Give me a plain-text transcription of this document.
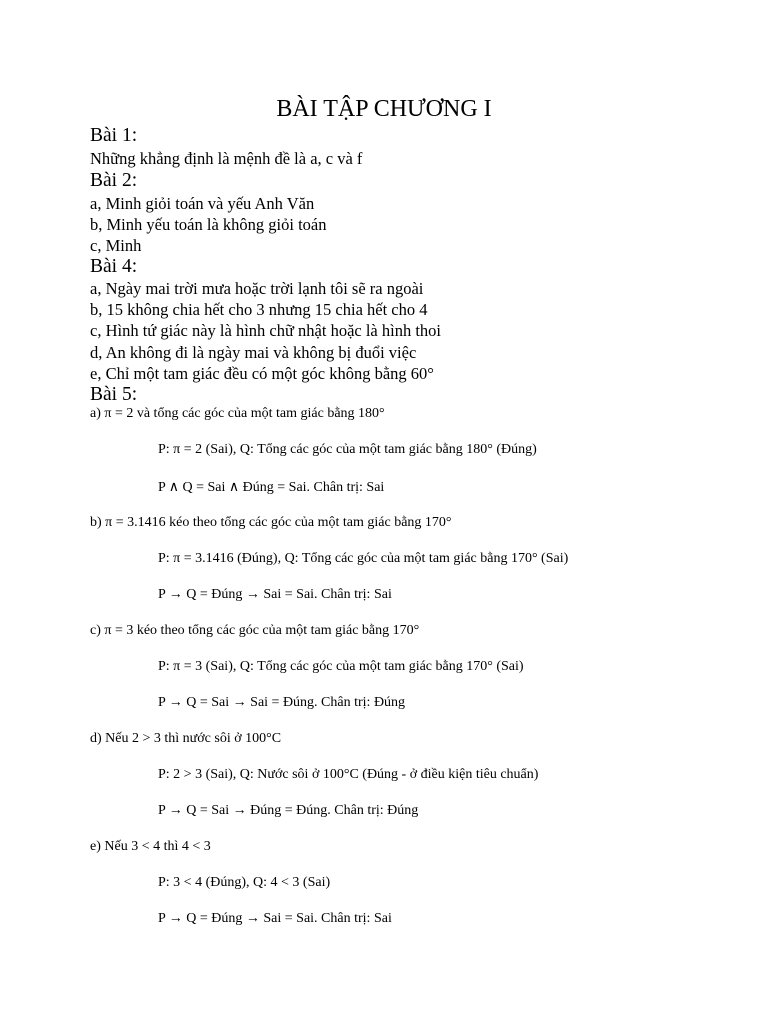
BÀI TẬP CHƯƠNG I
Bài 1:
Những khẳng định là mệnh đề là a, c và f
Bài 2:
a, Minh giỏi toán và yếu Anh Văn
b, Minh yếu toán là không giỏi toán
c, Minh
Bài 4:
a, Ngày mai trời mưa hoặc trời lạnh tôi sẽ ra ngoài
b, 15 không chia hết cho 3 nhưng 15 chia hết cho 4
c, Hình tứ giác này là hình chữ nhật hoặc là hình thoi
d, An không đi là ngày mai và không bị đuổi việc
e, Chỉ một tam giác đều có một góc không bằng 60°
Bài 5:
a) π = 2 và tổng các góc của một tam giác bằng 180°
P: π = 2 (Sai), Q: Tổng các góc của một tam giác bằng 180° (Đúng)
P ∧ Q = Sai ∧ Đúng = Sai. Chân trị: Sai
b) π = 3.1416 kéo theo tổng các góc của một tam giác bằng 170°
P: π = 3.1416 (Đúng), Q: Tổng các góc của một tam giác bằng 170° (Sai)
P → Q = Đúng → Sai = Sai. Chân trị: Sai
c) π = 3 kéo theo tổng các góc của một tam giác bằng 170°
P: π = 3 (Sai), Q: Tổng các góc của một tam giác bằng 170° (Sai)
P → Q = Sai → Sai = Đúng. Chân trị: Đúng
d) Nếu 2 > 3 thì nước sôi ở 100°C
P: 2 > 3 (Sai), Q: Nước sôi ở 100°C (Đúng - ở điều kiện tiêu chuẩn)
P → Q = Sai → Đúng = Đúng. Chân trị: Đúng
e) Nếu 3 < 4 thì 4 < 3
P: 3 < 4 (Đúng), Q: 4 < 3 (Sai)
P → Q = Đúng → Sai = Sai. Chân trị: Sai
